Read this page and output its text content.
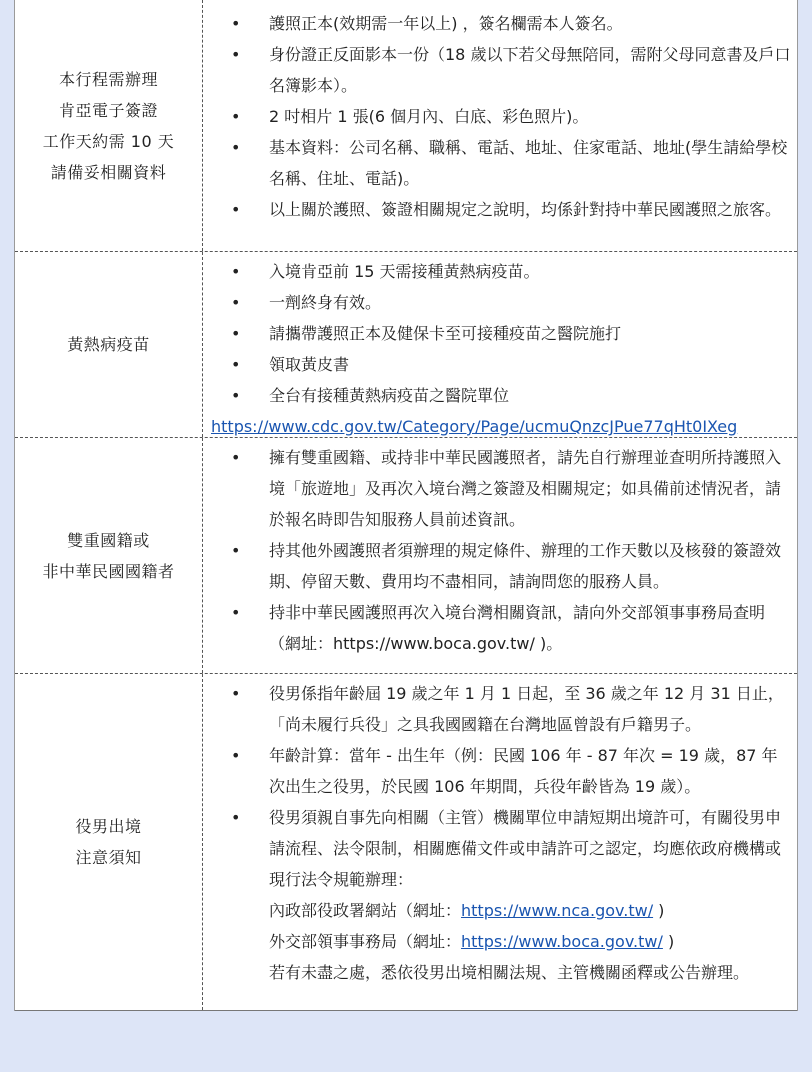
本行程需辦理
肯亞電子簽證
工作天約需 10 天
請備妥相關資料
• 護照正本(效期需一年以上) ，簽名欄需本人簽名。
• 身份證正反面影本一份（18 歲以下若父母無陪同，需附父母同意書及戶口名簿影本）。
• 2 吋相片 1 張(6 個月內、白底、彩色照片)。
• 基本資料：公司名稱、職稱、電話、地址、住家電話、地址(學生請給學校名稱、住址、電話)。
• 以上關於護照、簽證相關規定之說明，均係針對持中華民國護照之旅客。
黃熱病疫苗
• 入境肯亞前 15 天需接種黃熱病疫苗。
• 一劑終身有效。
• 請攜帶護照正本及健保卡至可接種疫苗之醫院施打
• 領取黃皮書
• 全台有接種黃熱病疫苗之醫院單位
https://www.cdc.gov.tw/Category/Page/ucmuQnzcJPue77qHt0IXeg
雙重國籍或
非中華民國國籍者
• 擁有雙重國籍、或持非中華民國護照者，請先自行辦理並查明所持護照入境「旅遊地」及再次入境台灣之簽證及相關規定；如具備前述情況者，請於報名時即告知服務人員前述資訊。
• 持其他外國護照者須辦理的規定條件、辦理的工作天數以及核發的簽證效期、停留天數、費用均不盡相同，請詢問您的服務人員。
• 持非中華民國護照再次入境台灣相關資訊，請向外交部領事事務局查明（網址：https://www.boca.gov.tw/ )。
役男出境
注意須知
• 役男係指年齡屆 19 歲之年 1 月 1 日起，至 36 歲之年 12 月 31 日止，「尚未履行兵役」之具我國國籍在台灣地區曾設有戶籍男子。
• 年齡計算：當年 - 出生年（例：民國 106 年 - 87 年次 = 19 歲，87 年次出生之役男，於民國 106 年期間，兵役年齡皆為 19 歲）。
• 役男須親自事先向相關（主管）機關單位申請短期出境許可，有關役男申請流程、法令限制，相關應備文件或申請許可之認定，均應依政府機構或現行法令規範辦理：
內政部役政署網站（網址：https://www.nca.gov.tw/ )
外交部領事事務局（網址：https://www.boca.gov.tw/ )
若有未盡之處，悉依役男出境相關法規、主管機關函釋或公告辦理。
